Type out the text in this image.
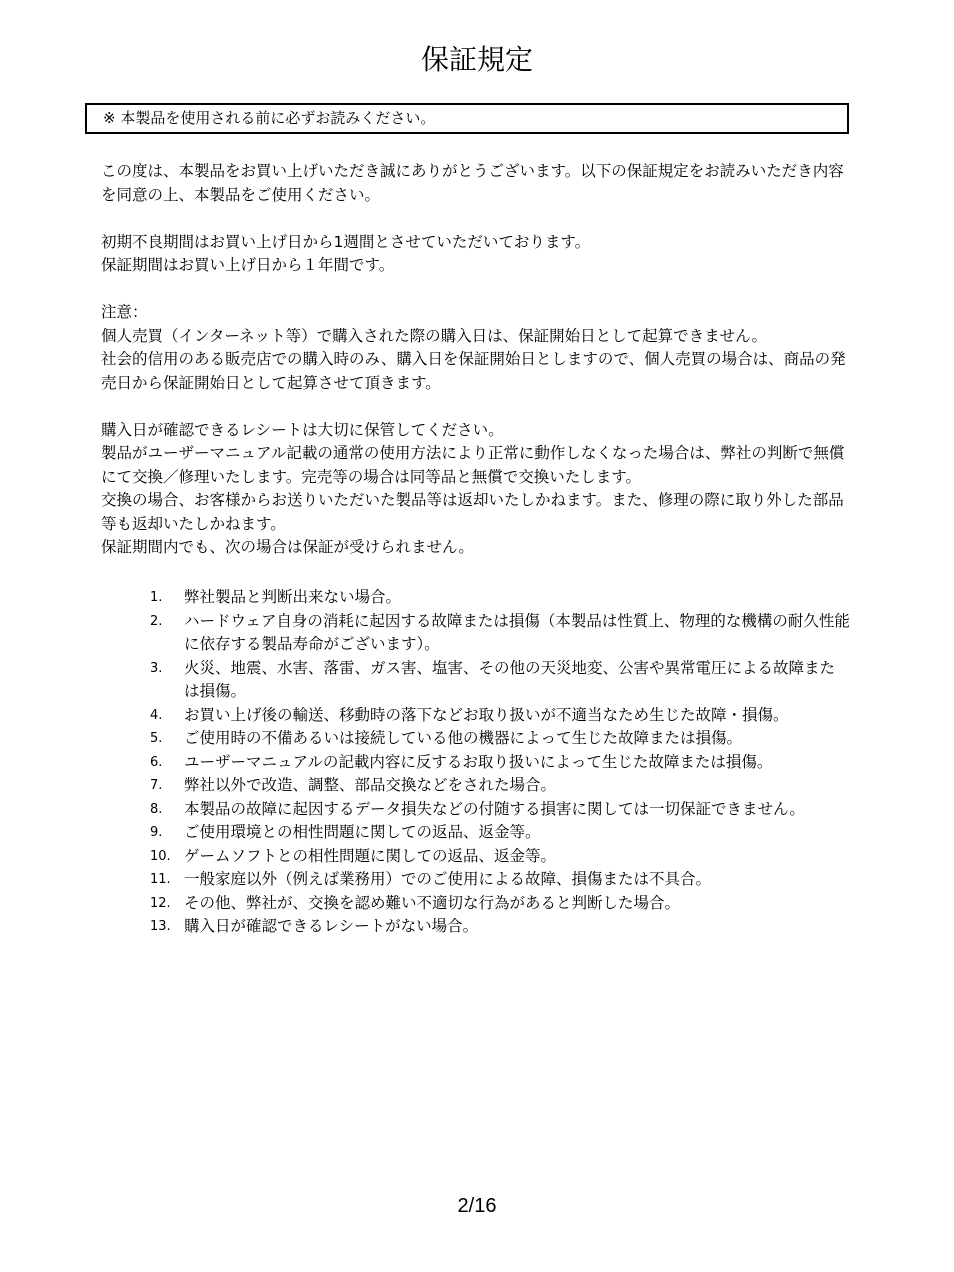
保証規定
※ 本製品を使用される前に必ずお読みください。

この度は、本製品をお買い上げいただき誠にありがとうございます。以下の保証規定をお読みいただき内容を同意の上、本製品をご使用ください。

初期不良期間はお買い上げ日から1週間とさせていただいております。

保証期間はお買い上げ日から１年間です。

注意：

個人売買（インターネット等）で購入された際の購入日は、保証開始日として起算できません。

社会的信用のある販売店での購入時のみ、購入日を保証開始日としますので、個人売買の場合は、商品の発売日から保証開始日として起算させて頂きます。

購入日が確認できるレシートは大切に保管してください。

製品がユーザーマニュアル記載の通常の使用方法により正常に動作しなくなった場合は、弊社の判断で無償にて交換／修理いたします。完売等の場合は同等品と無償で交換いたします。

交換の場合、お客様からお送りいただいた製品等は返却いたしかねます。また、修理の際に取り外した部品等も返却いたしかねます。

保証期間内でも、次の場合は保証が受けられません。

1. 弊社製品と判断出来ない場合。
2. ハードウェア自身の消耗に起因する故障または損傷（本製品は性質上、物理的な機構の耐久性能に依存する製品寿命がございます）。
3. 火災、地震、水害、落雷、ガス害、塩害、その他の天災地変、公害や異常電圧による故障または損傷。
4. お買い上げ後の輸送、移動時の落下などお取り扱いが不適当なため生じた故障・損傷。
5. ご使用時の不備あるいは接続している他の機器によって生じた故障または損傷。
6. ユーザーマニュアルの記載内容に反するお取り扱いによって生じた故障または損傷。
7. 弊社以外で改造、調整、部品交換などをされた場合。
8. 本製品の故障に起因するデータ損失などの付随する損害に関しては一切保証できません。
9. ご使用環境との相性問題に関しての返品、返金等。
10. ゲームソフトとの相性問題に関しての返品、返金等。
11. 一般家庭以外（例えば業務用）でのご使用による故障、損傷または不具合。
12. その他、弊社が、交換を認め難い不適切な行為があると判断した場合。
13. 購入日が確認できるレシートがない場合。
2/16
